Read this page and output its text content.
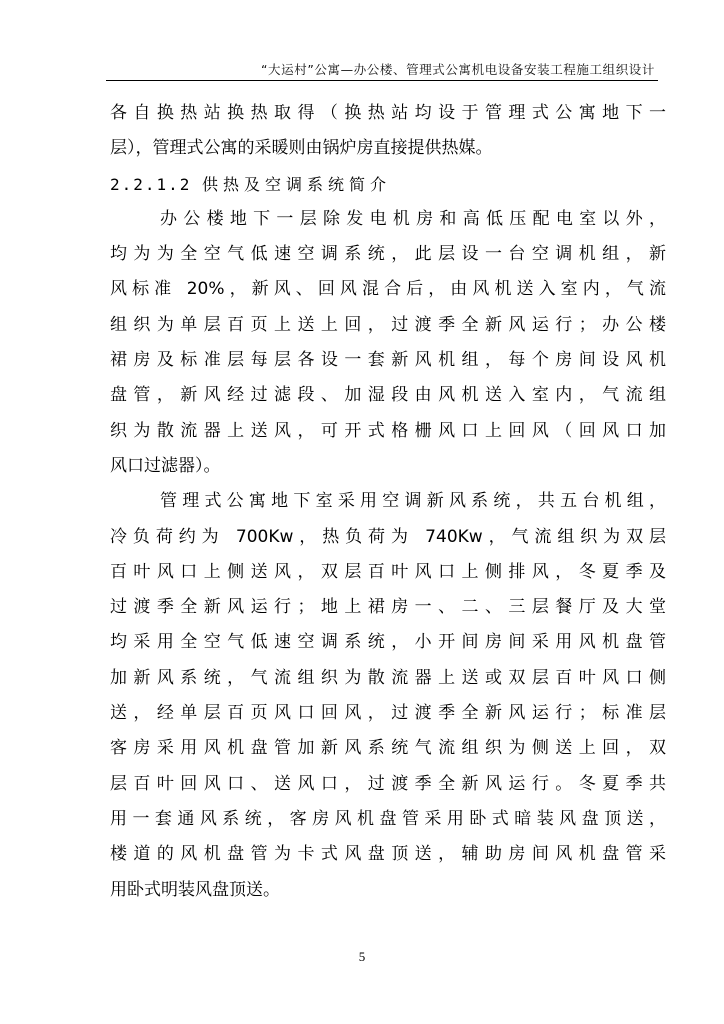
“大运村”公寓—办公楼、管理式公寓机电设备安装工程施工组织设计
各自换热站换热取得（换热站均设于管理式公寓地下一
层），管理式公寓的采暖则由锅炉房直接提供热媒。
2.2.1.2 供热及空调系统简介
办公楼地下一层除发电机房和高低压配电室以外，
均为为全空气低速空调系统，此层设一台空调机组，新
风标准 20%，新风、回风混合后，由风机送入室内，气流
组织为单层百页上送上回，过渡季全新风运行；办公楼
裙房及标准层每层各设一套新风机组，每个房间设风机
盘管，新风经过滤段、加湿段由风机送入室内，气流组
织为散流器上送风，可开式格栅风口上回风（回风口加
风口过滤器）。
管理式公寓地下室采用空调新风系统，共五台机组，
冷负荷约为 700Kw，热负荷为 740Kw，气流组织为双层
百叶风口上侧送风，双层百叶风口上侧排风，冬夏季及
过渡季全新风运行；地上裙房一、二、三层餐厅及大堂
均采用全空气低速空调系统，小开间房间采用风机盘管
加新风系统，气流组织为散流器上送或双层百叶风口侧
送，经单层百页风口回风，过渡季全新风运行；标准层
客房采用风机盘管加新风系统气流组织为侧送上回，双
层百叶回风口、送风口，过渡季全新风运行。冬夏季共
用一套通风系统，客房风机盘管采用卧式暗装风盘顶送，
楼道的风机盘管为卡式风盘顶送，辅助房间风机盘管采
用卧式明装风盘顶送。
5
